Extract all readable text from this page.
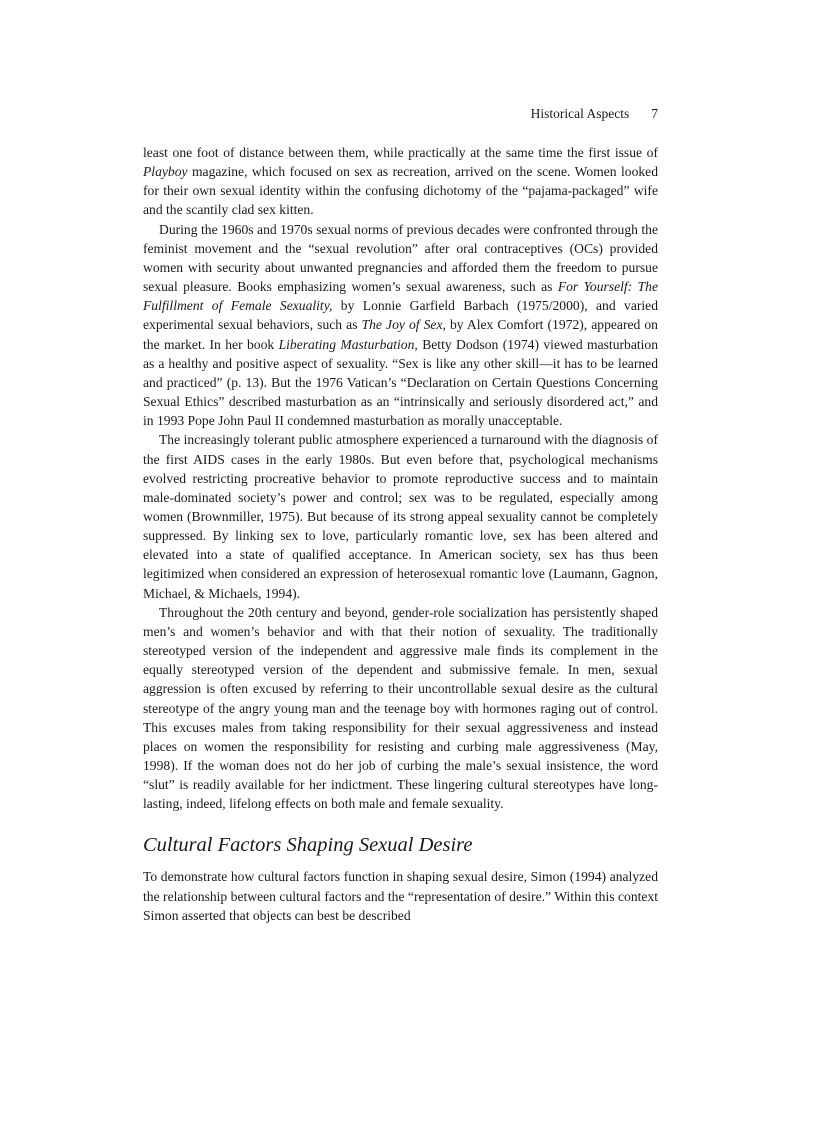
Historical Aspects 7

least one foot of distance between them, while practically at the same time the first issue of Playboy magazine, which focused on sex as recreation, arrived on the scene. Women looked for their own sexual identity within the confusing dichotomy of the “pajama-packaged” wife and the scantily clad sex kitten.

During the 1960s and 1970s sexual norms of previous decades were confronted through the feminist movement and the “sexual revolution” after oral contraceptives (OCs) provided women with security about unwanted pregnancies and afforded them the freedom to pursue sexual pleasure. Books emphasizing women’s sexual awareness, such as For Yourself: The Fulfillment of Female Sexuality, by Lonnie Garfield Barbach (1975/2000), and varied experimental sexual behaviors, such as The Joy of Sex, by Alex Comfort (1972), appeared on the market. In her book Liberating Masturbation, Betty Dodson (1974) viewed masturbation as a healthy and positive aspect of sexuality. “Sex is like any other skill—it has to be learned and practiced” (p. 13). But the 1976 Vatican’s “Declaration on Certain Questions Concerning Sexual Ethics” described masturbation as an “intrinsically and seriously disordered act,” and in 1993 Pope John Paul II condemned masturbation as morally unacceptable.

The increasingly tolerant public atmosphere experienced a turnaround with the diagnosis of the first AIDS cases in the early 1980s. But even before that, psychological mechanisms evolved restricting procreative behavior to promote reproductive success and to maintain male-dominated society’s power and control; sex was to be regulated, especially among women (Brownmiller, 1975). But because of its strong appeal sexuality cannot be completely suppressed. By linking sex to love, particularly romantic love, sex has been altered and elevated into a state of qualified acceptance. In American society, sex has thus been legitimized when considered an expression of heterosexual romantic love (Laumann, Gagnon, Michael, & Michaels, 1994).

Throughout the 20th century and beyond, gender-role socialization has persistently shaped men’s and women’s behavior and with that their notion of sexuality. The traditionally stereotyped version of the independent and aggressive male finds its complement in the equally stereotyped version of the dependent and submissive female. In men, sexual aggression is often excused by referring to their uncontrollable sexual desire as the cultural stereotype of the angry young man and the teenage boy with hormones raging out of control. This excuses males from taking responsibility for their sexual aggressiveness and instead places on women the responsibility for resisting and curbing male aggressiveness (May, 1998). If the woman does not do her job of curbing the male’s sexual insistence, the word “slut” is readily available for her indictment. These lingering cultural stereotypes have long-lasting, indeed, lifelong effects on both male and female sexuality.

Cultural Factors Shaping Sexual Desire

To demonstrate how cultural factors function in shaping sexual desire, Simon (1994) analyzed the relationship between cultural factors and the “representation of desire.” Within this context Simon asserted that objects can best be described
